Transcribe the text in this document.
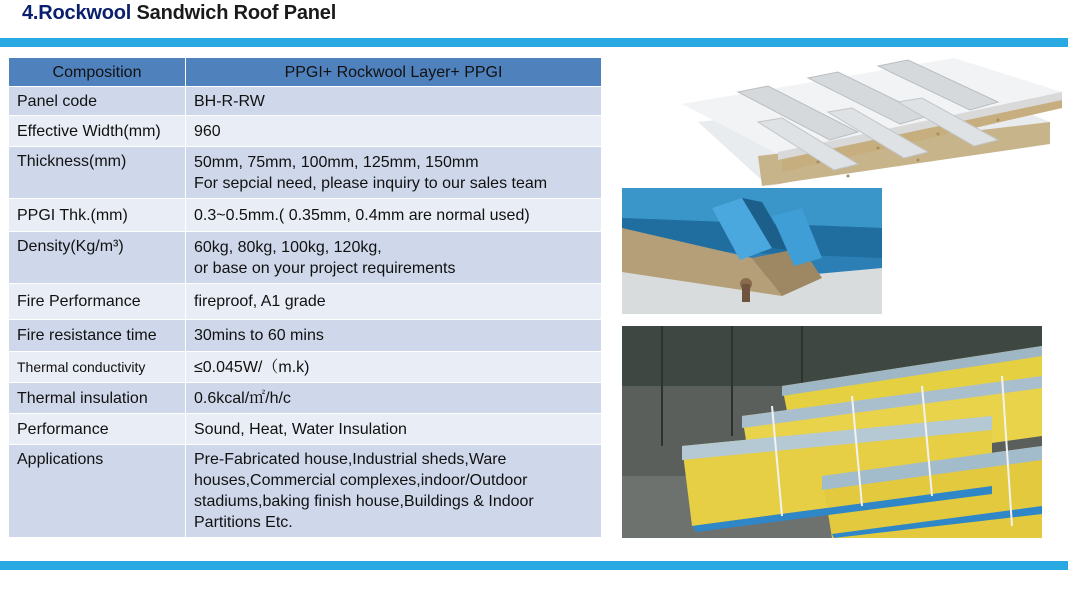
4.Rockwool Sandwich Roof Panel
Composition	PPGI+ Rockwool Layer+ PPGI
Panel code	BH-R-RW

Effective Width(mm)	960

Thickness(mm)	50mm, 75mm, 100mm, 125mm, 150mm
For sepcial need, please inquiry to our sales team

PPGI Thk.(mm)	0.3~0.5mm.( 0.35mm, 0.4mm are normal used)

Density(Kg/m³)	60kg, 80kg, 100kg, 120kg,
or base on your project requirements

Fire Performance	fireproof, A1 grade

Fire resistance time	30mins to 60 mins

Thermal conductivity	≤0.045W/（m.k)

Thermal insulation	0.6kcal/㎡/h/c

Performance	Sound, Heat, Water Insulation

Applications	Pre-Fabricated house,Industrial sheds,Ware
houses,Commercial complexes,indoor/Outdoor
stadiums,baking finish house,Buildings & Indoor
Partitions Etc.
